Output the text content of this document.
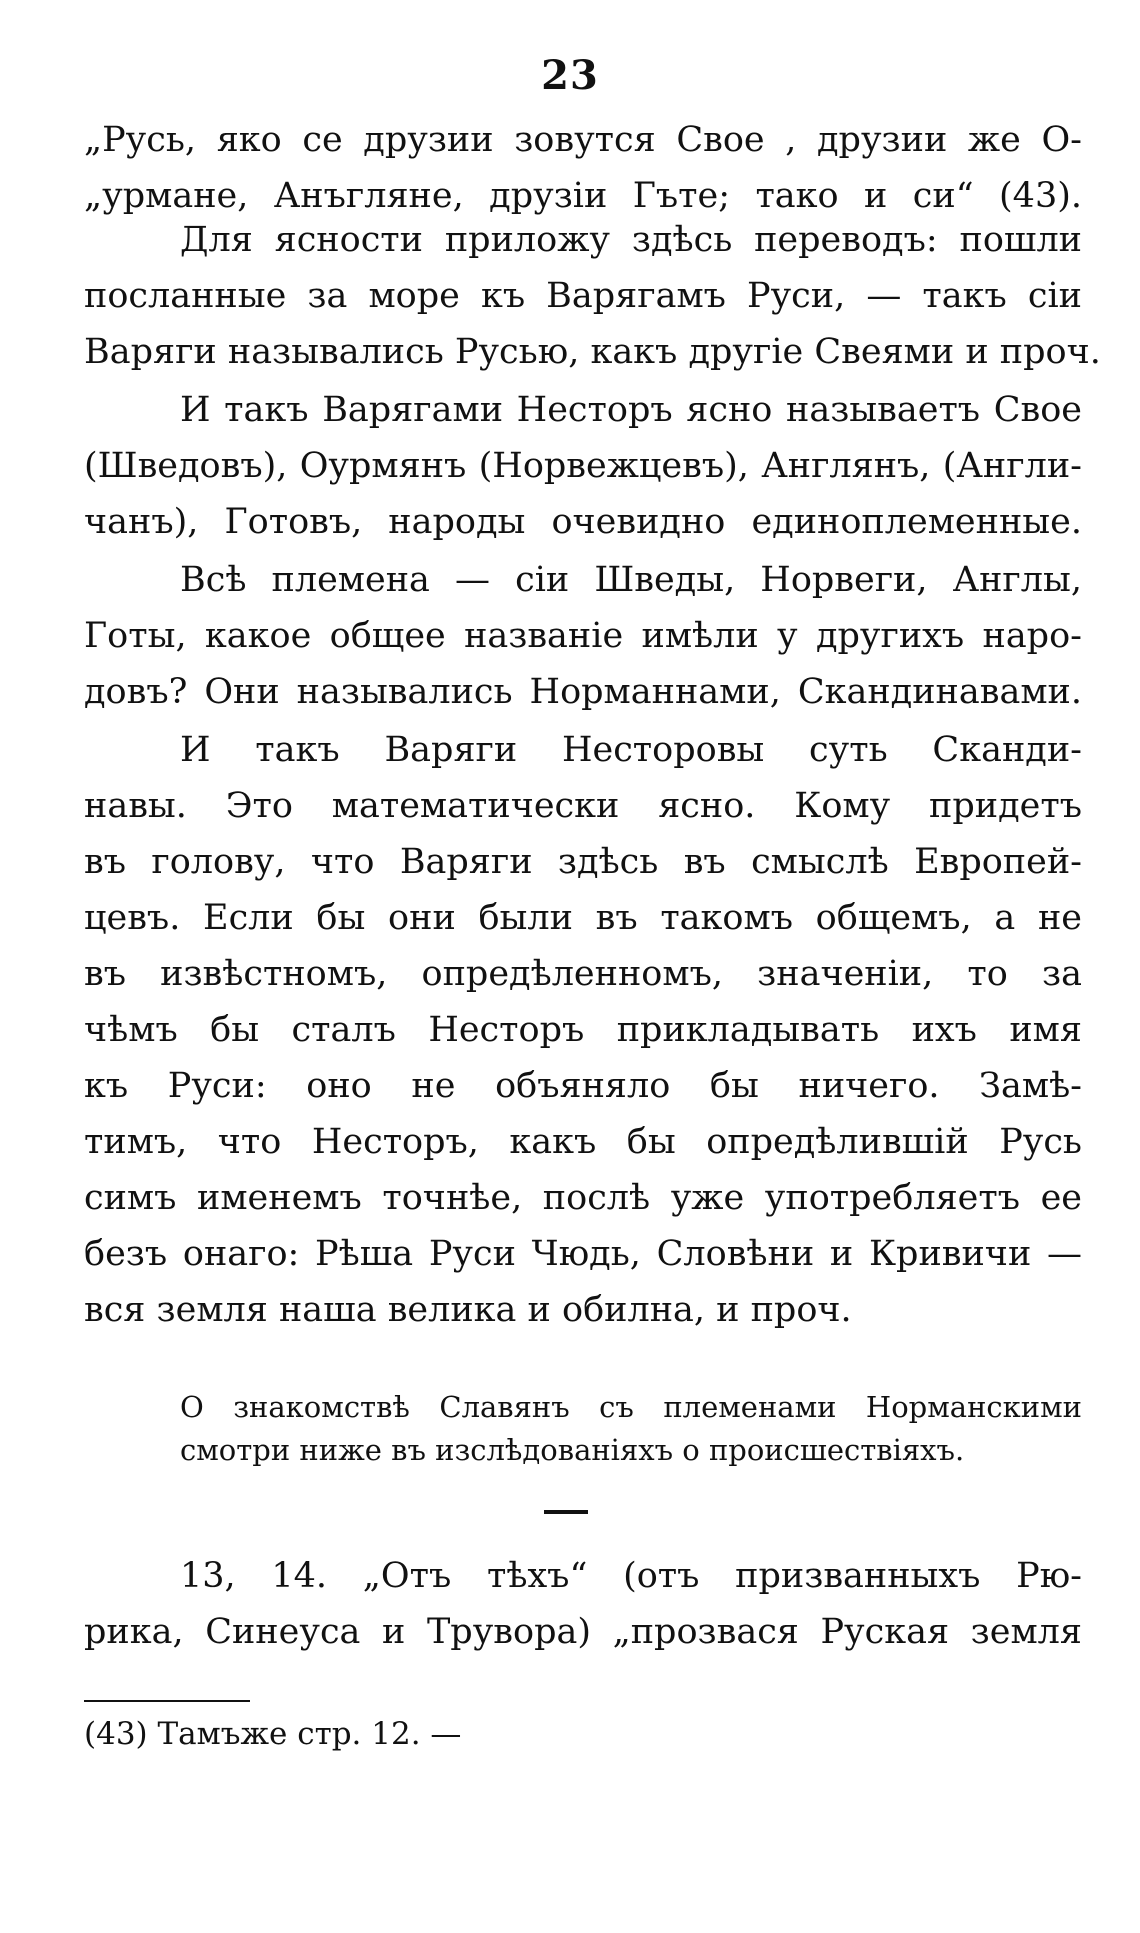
23
„Русь, яко се друзии зовутся Свое , друзии же О-
„урмане, Анъгляне, друзіи Гъте; тако и си“ (43).
Для ясности приложу здѣсь переводъ: пошли
посланные за море къ Варягамъ Руси, — такъ сіи
Варяги назывались Русью, какъ другіе Свеями и проч.
И такъ Варягами Несторъ ясно называетъ Свое
(Шведовъ), Оурмянъ (Норвежцевъ), Англянъ, (Англи-
чанъ), Готовъ, народы очевидно единоплеменные.
Всѣ племена — сіи Шведы, Норвеги, Англы,
Готы, какое общее названіе имѣли у другихъ наро-
довъ? Они назывались Норманнами, Скандинавами.
И такъ Варяги Несторовы суть Сканди-
навы. Это математически ясно. Кому придетъ
въ голову, что Варяги здѣсь въ смыслѣ Европей-
цевъ. Если бы они были въ такомъ общемъ, а не
въ извѣстномъ, опредѣленномъ, значеніи, то за
чѣмъ бы сталъ Несторъ прикладывать ихъ имя
къ Руси: оно не объяняло бы ничего. Замѣ-
тимъ, что Несторъ, какъ бы опредѣлившій Русь
симъ именемъ точнѣе, послѣ уже употребляетъ ее
безъ онаго: Рѣша Руси Чюдь, Словѣни и Кривичи —
вся земля наша велика и обилна, и проч.
О знакомствѣ Славянъ съ племенами Норманскими
смотри ниже въ изслѣдованіяхъ о происшествіяхъ.
13, 14. „Отъ тѣхъ“ (отъ призванныхъ Рю-
рика, Синеуса и Трувора) „прозвася Руская земля
(43) Тамъже стр. 12. —
